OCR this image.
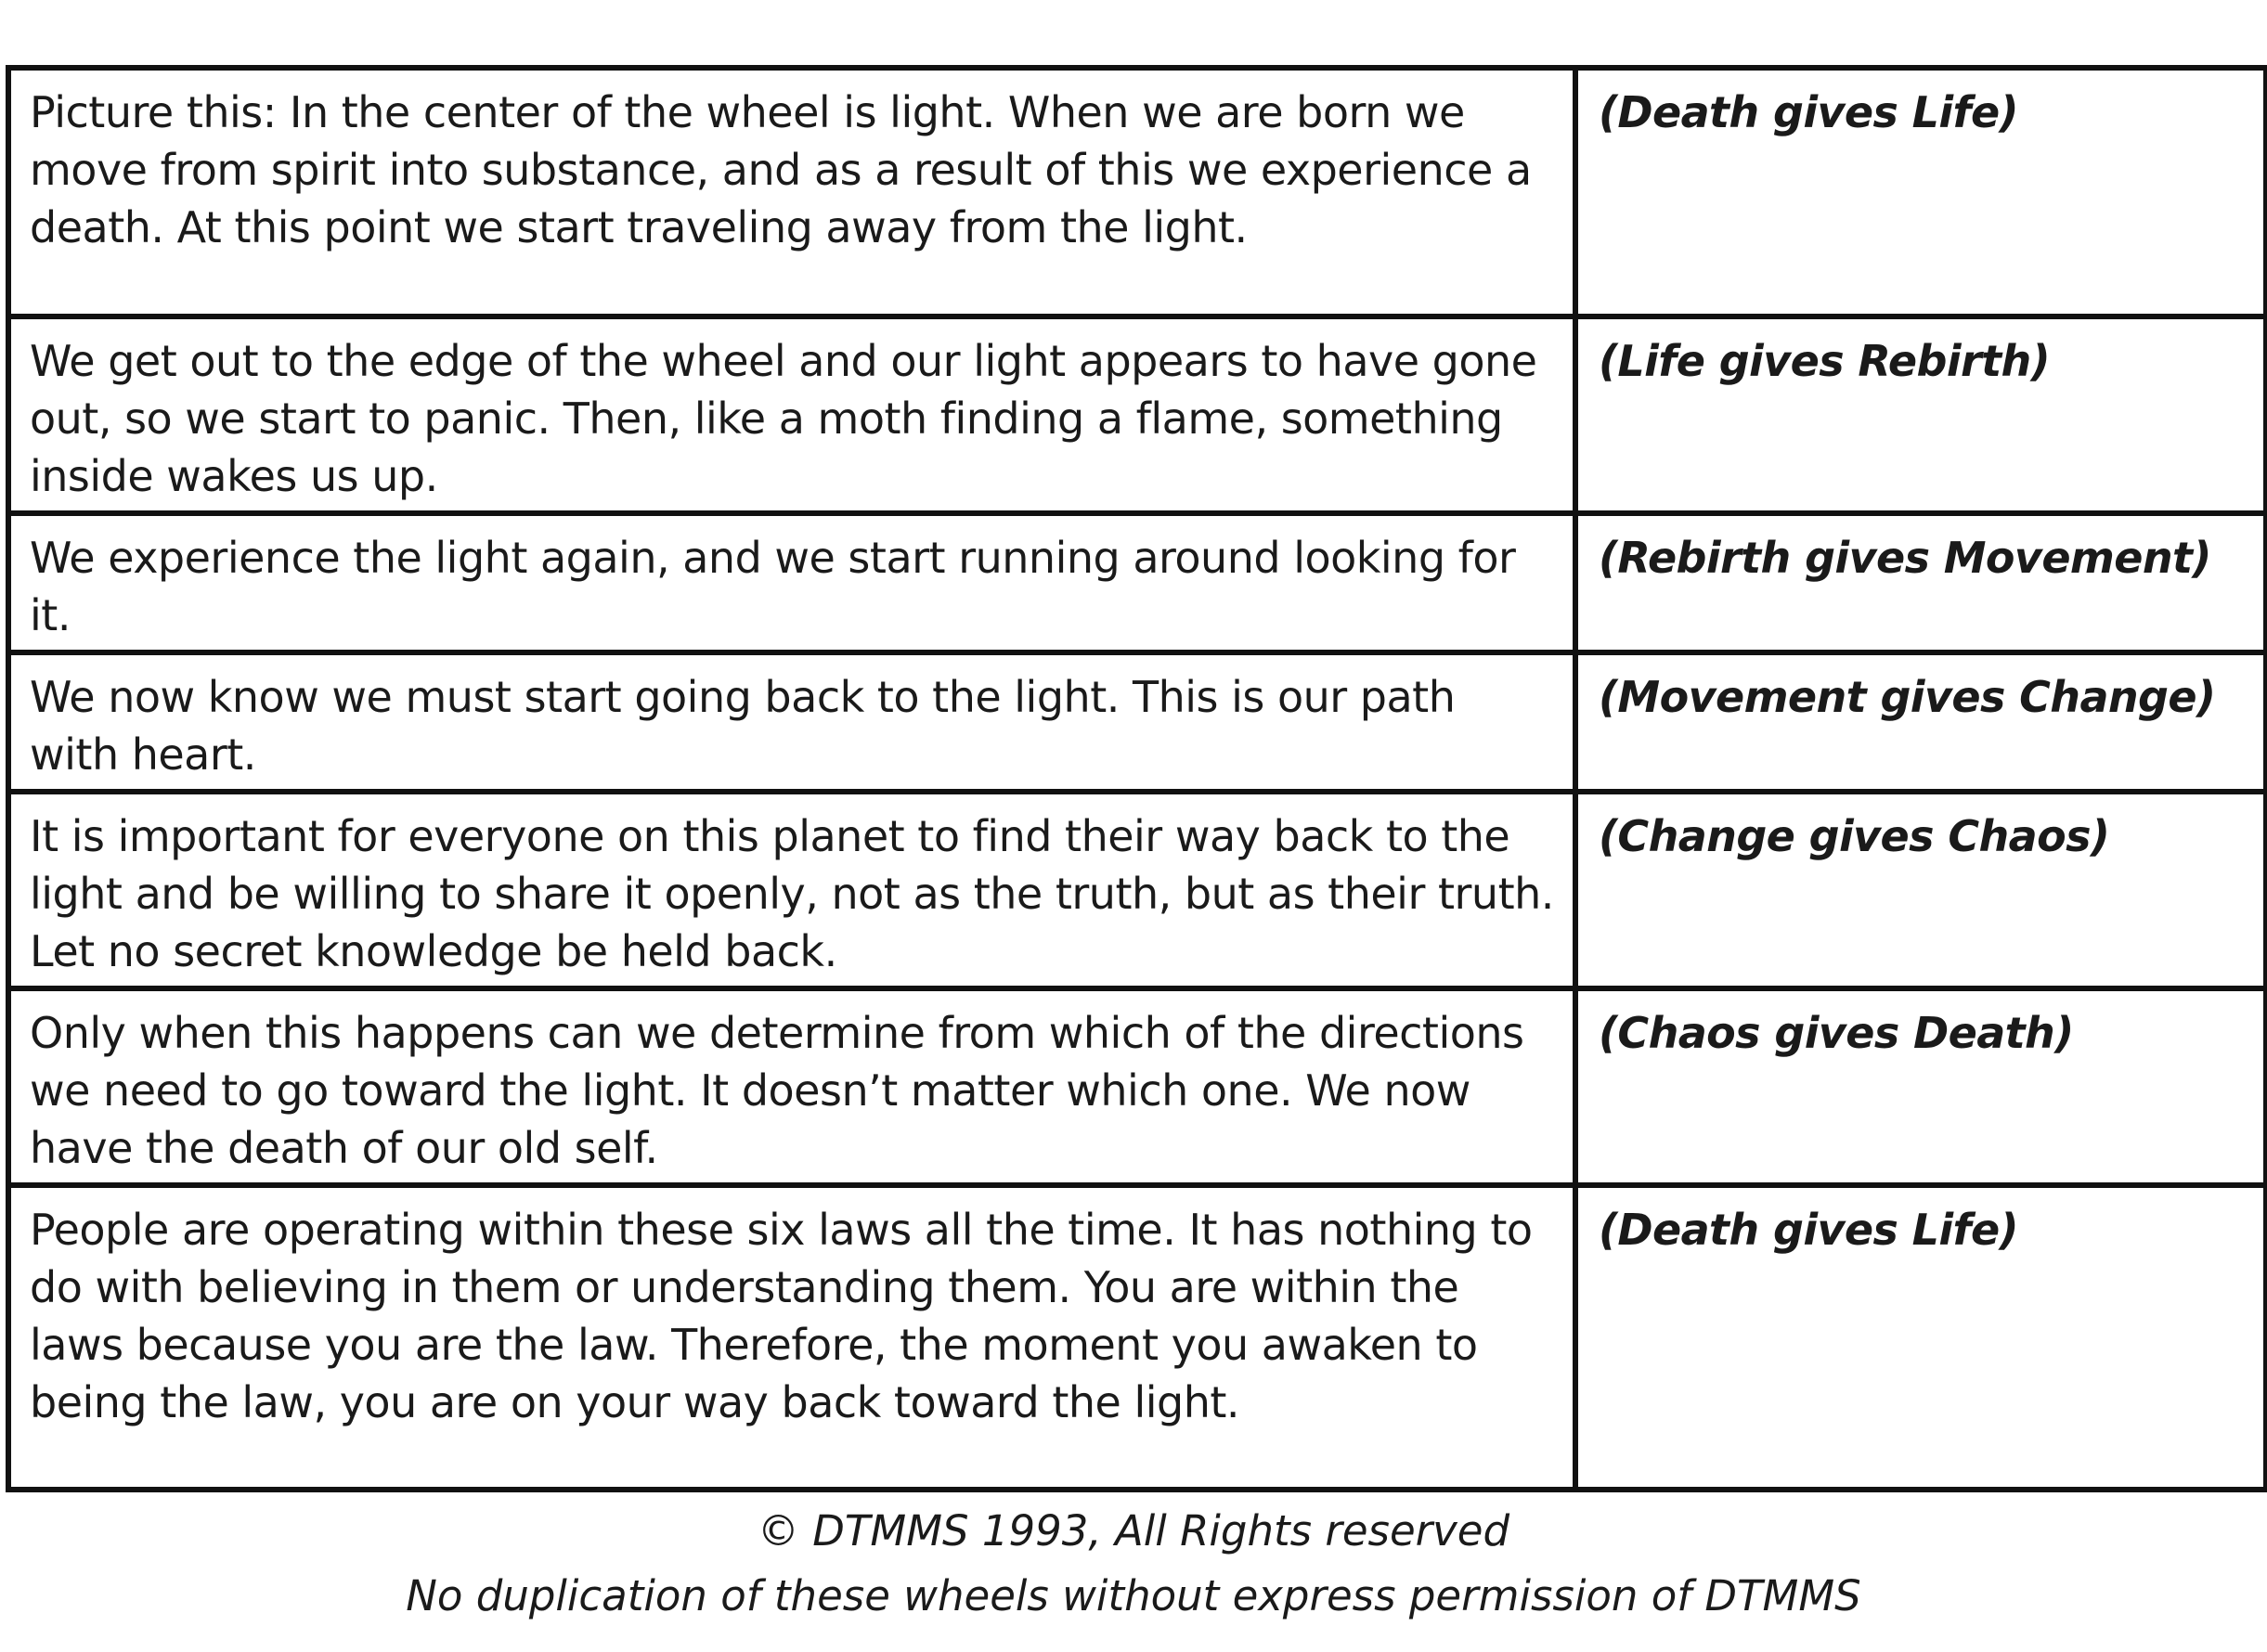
Picture this: In the center of the wheel is light. When we are born we move from spirit into substance, and as a result of this we experience a death. At this point we start traveling away from the light.	(Death gives Life)
We get out to the edge of the wheel and our light appears to have gone out, so we start to panic. Then, like a moth finding a flame, something inside wakes us up.	(Life gives Rebirth)
We experience the light again, and we start running around looking for it.	(Rebirth gives Movement)
We now know we must start going back to the light. This is our path with heart.	(Movement gives Change)
It is important for everyone on this planet to find their way back to the light and be willing to share it openly, not as the truth, but as their truth. Let no secret knowledge be held back.	(Change gives Chaos)
Only when this happens can we determine from which of the directions we need to go toward the light. It doesn’t matter which one. We now have the death of our old self.	(Chaos gives Death)
People are operating within these six laws all the time. It has nothing to do with believing in them or understanding them. You are within the laws because you are the law. Therefore, the moment you awaken to being the law, you are on your way back toward the light.	(Death gives Life)
© DTMMS 1993, All Rights reserved
No duplication of these wheels without express permission of DTMMS
